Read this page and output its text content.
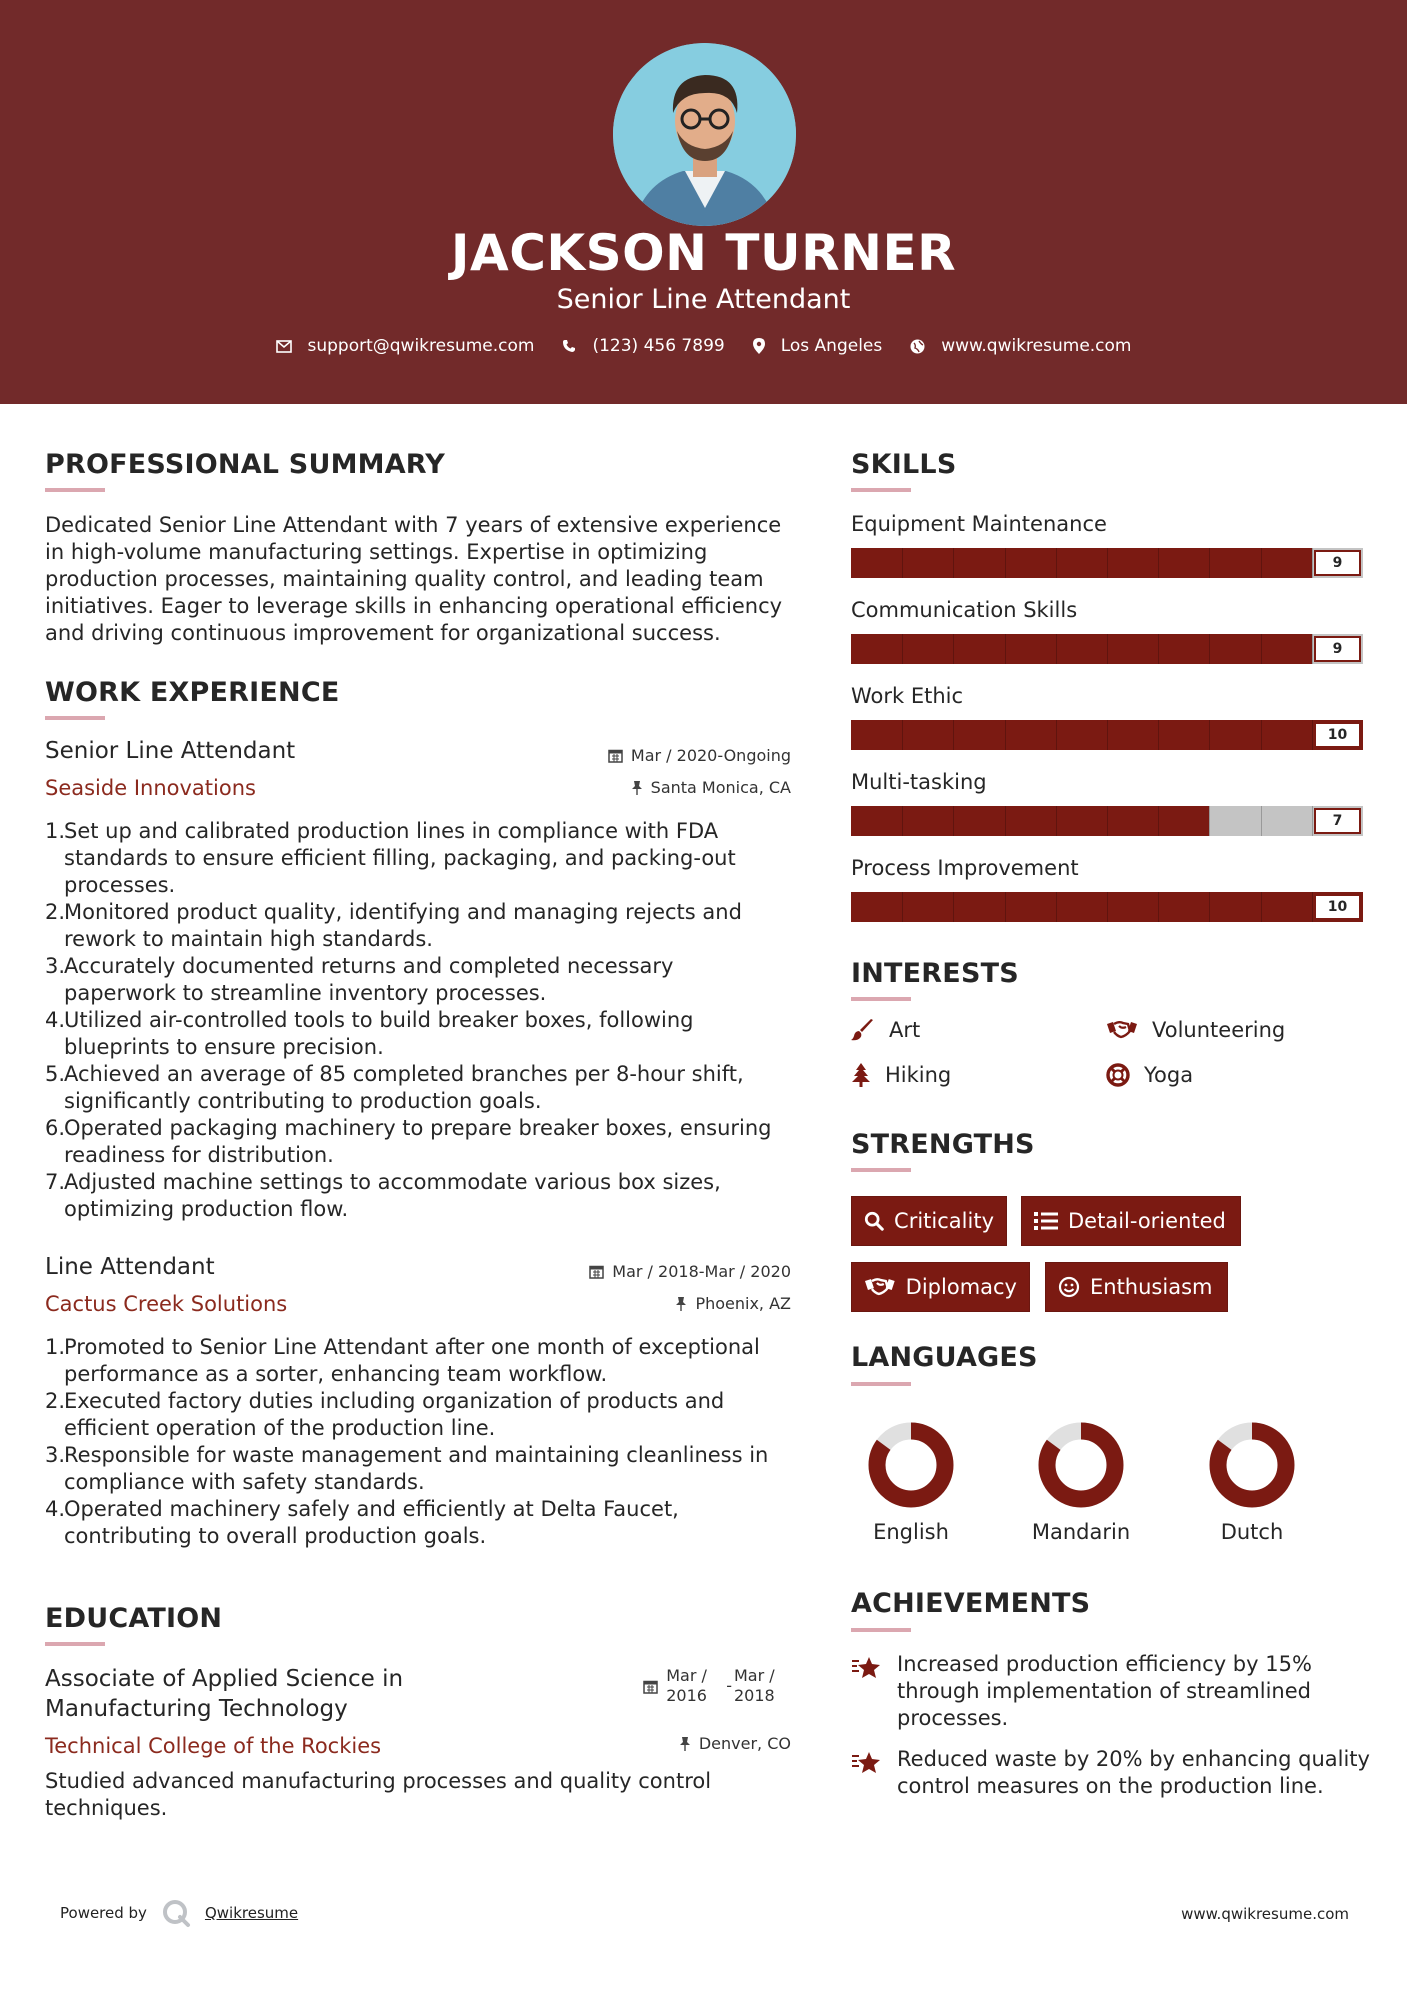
JACKSON TURNER
Senior Line Attendant
support@qwikresume.com	(123) 456 7899	Los Angeles	www.qwikresume.com
PROFESSIONAL SUMMARY
Dedicated Senior Line Attendant with 7 years of extensive experience in high-volume manufacturing settings. Expertise in optimizing production processes, maintaining quality control, and leading team initiatives. Eager to leverage skills in enhancing operational efficiency and driving continuous improvement for organizational success.
WORK EXPERIENCE
Senior Line Attendant	Mar / 2020-Ongoing
Seaside Innovations	Santa Monica, CA
1.
Set up and calibrated production lines in compliance with FDA standards to ensure efficient filling, packaging, and packing-out processes.
2.
Monitored product quality, identifying and managing rejects and rework to maintain high standards.
3.
Accurately documented returns and completed necessary paperwork to streamline inventory processes.
4.
Utilized air-controlled tools to build breaker boxes, following blueprints to ensure precision.
5.
Achieved an average of 85 completed branches per 8-hour shift, significantly contributing to production goals.
6.
Operated packaging machinery to prepare breaker boxes, ensuring readiness for distribution.
7.
Adjusted machine settings to accommodate various box sizes, optimizing production flow.
Line Attendant	Mar / 2018-Mar / 2020
Cactus Creek Solutions	Phoenix, AZ
1.
Promoted to Senior Line Attendant after one month of exceptional performance as a sorter, enhancing team workflow.
2.
Executed factory duties including organization of products and efficient operation of the production line.
3.
Responsible for waste management and maintaining cleanliness in compliance with safety standards.
4.
Operated machinery safely and efficiently at Delta Faucet, contributing to overall production goals.
EDUCATION
Associate of Applied Science in Manufacturing Technology
Mar / 2016
-
Mar / 2018
Technical College of the Rockies	Denver, CO
Studied advanced manufacturing processes and quality control techniques.
SKILLS
Equipment Maintenance
9
Communication Skills
9
Work Ethic
10
Multi-tasking
7
Process Improvement
10
INTERESTS
Art	Volunteering
Hiking	Yoga
STRENGTHS
Criticality	Detail-oriented
Diplomacy	Enthusiasm
LANGUAGES
English	Mandarin	Dutch
ACHIEVEMENTS
Increased production efficiency by 15% through implementation of streamlined processes.
Reduced waste by 20% by enhancing quality control measures on the production line.
Powered by	Qwikresume	www.qwikresume.com
